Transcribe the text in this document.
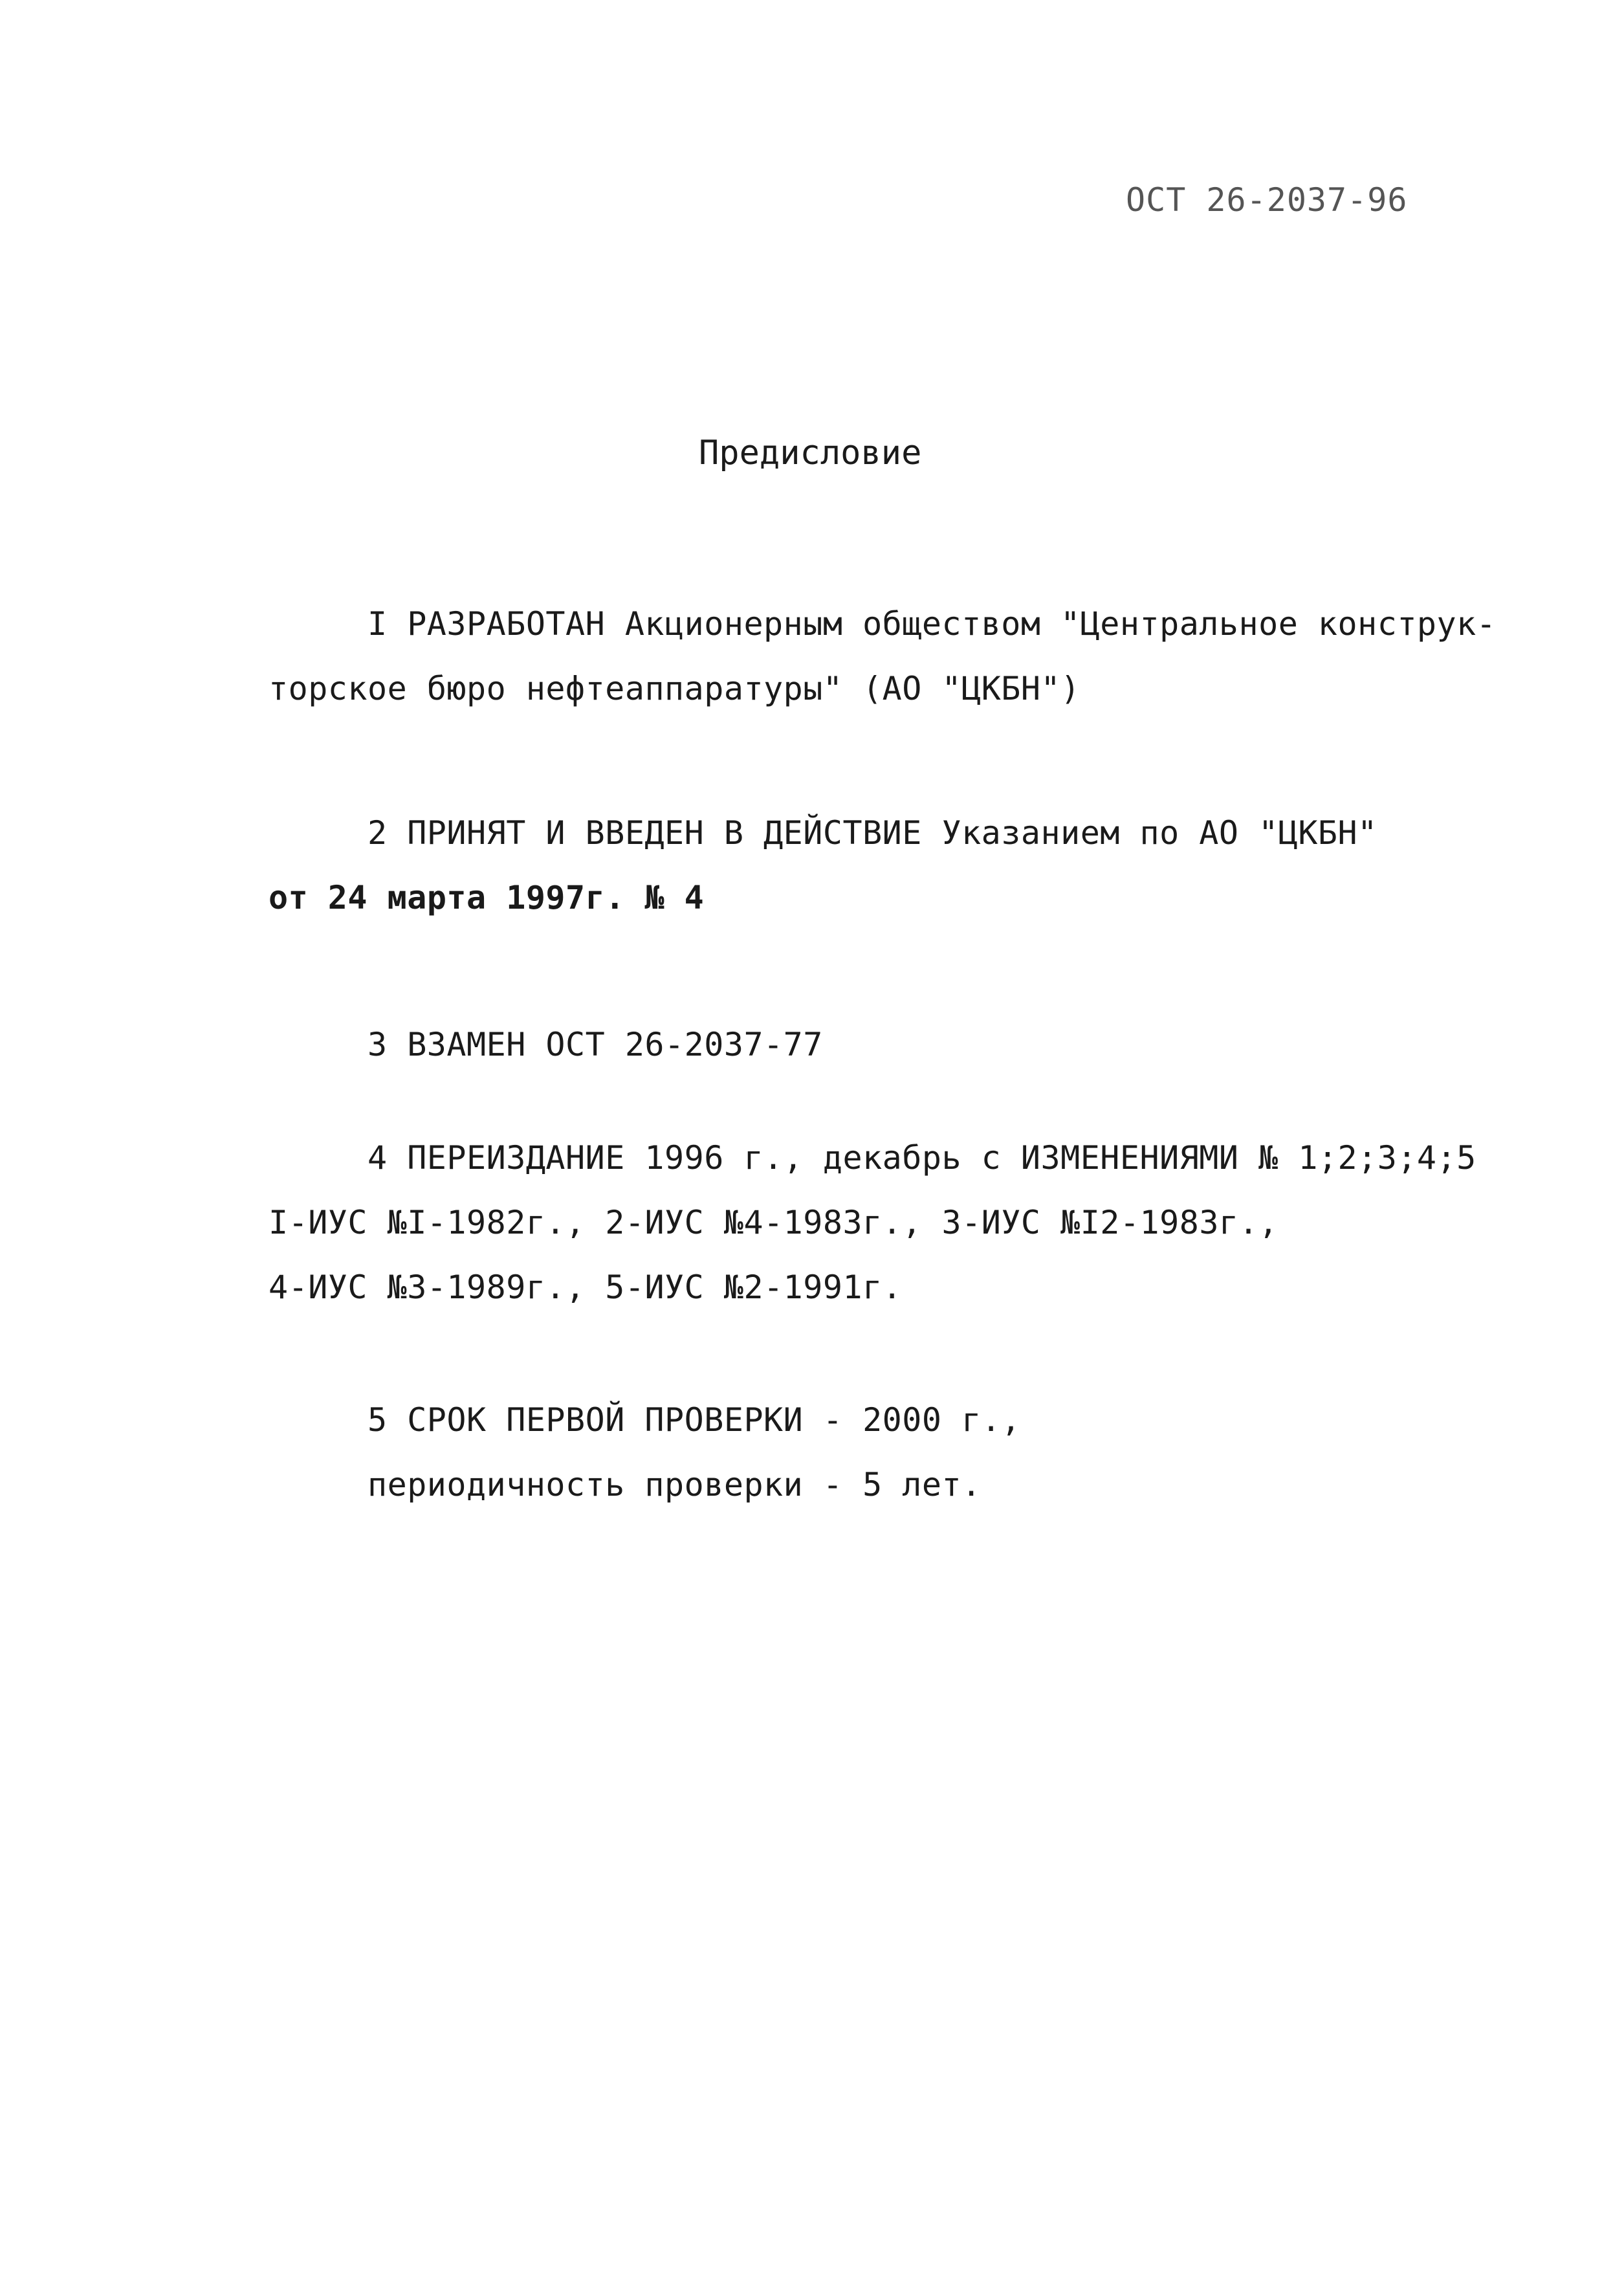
ОСТ 26-2037-96
Предисловие
I РАЗРАБОТАН Акционерным обществом "Центральное конструк-
торское бюро нефтеаппаратуры" (АО "ЦКБН")
2 ПРИНЯТ И ВВЕДЕН В ДЕЙСТВИЕ Указанием по АО "ЦКБН"
от 24 марта 1997г. № 4
3 ВЗАМЕН ОСТ 26-2037-77
4 ПЕРЕИЗДАНИЕ 1996 г., декабрь с ИЗМЕНЕНИЯМИ № 1;2;3;4;5
I-ИУС №I-1982г., 2-ИУС №4-1983г., 3-ИУС №I2-1983г.,
4-ИУС №3-1989г., 5-ИУС №2-1991г.
5 СРОК ПЕРВОЙ ПРОВЕРКИ - 2000 г.,
периодичность проверки - 5 лет.
